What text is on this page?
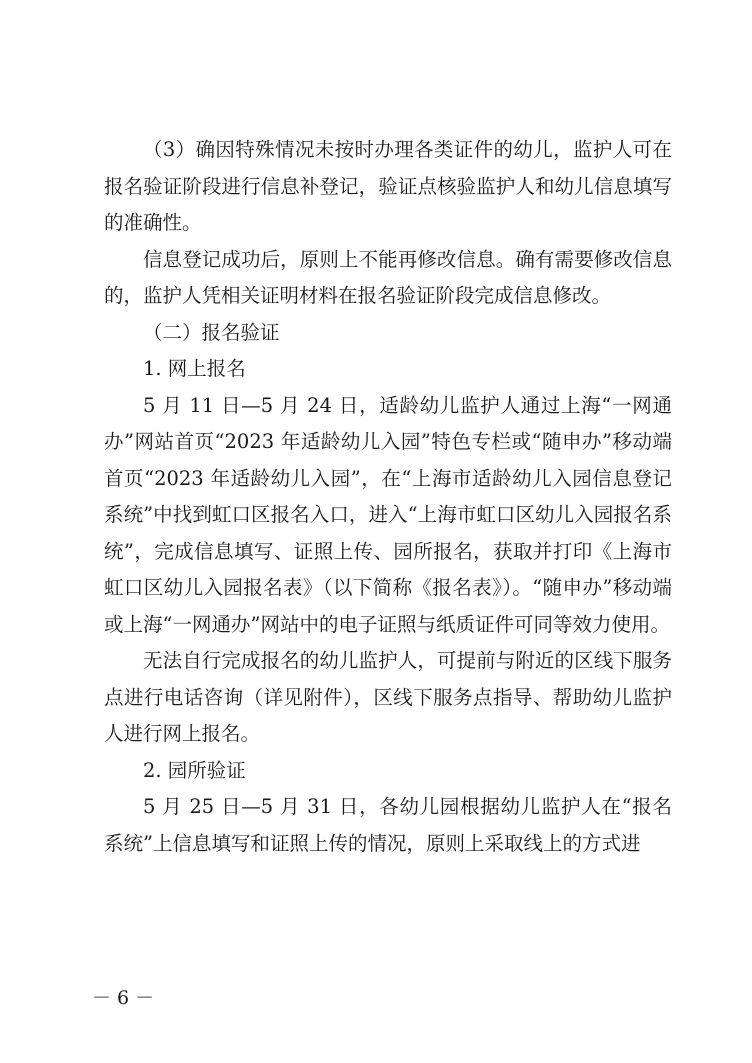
（3）确因特殊情况未按时办理各类证件的幼儿，监护人可在报名验证阶段进行信息补登记，验证点核验监护人和幼儿信息填写的准确性。

信息登记成功后，原则上不能再修改信息。确有需要修改信息的，监护人凭相关证明材料在报名验证阶段完成信息修改。

（二）报名验证

1. 网上报名

5 月 11 日—5 月 24 日，适龄幼儿监护人通过上海“一网通办”网站首页“2023 年适龄幼儿入园”特色专栏或“随申办”移动端首页“2023 年适龄幼儿入园”，在“上海市适龄幼儿入园信息登记系统”中找到虹口区报名入口，进入“上海市虹口区幼儿入园报名系统”，完成信息填写、证照上传、园所报名，获取并打印《上海市虹口区幼儿入园报名表》（以下简称《报名表》）。“随申办”移动端或上海“一网通办”网站中的电子证照与纸质证件可同等效力使用。

无法自行完成报名的幼儿监护人，可提前与附近的区线下服务点进行电话咨询（详见附件），区线下服务点指导、帮助幼儿监护人进行网上报名。

2. 园所验证

5 月 25 日—5 月 31 日，各幼儿园根据幼儿监护人在“报名系统”上信息填写和证照上传的情况，原则上采取线上的方式进

－ 6 －
